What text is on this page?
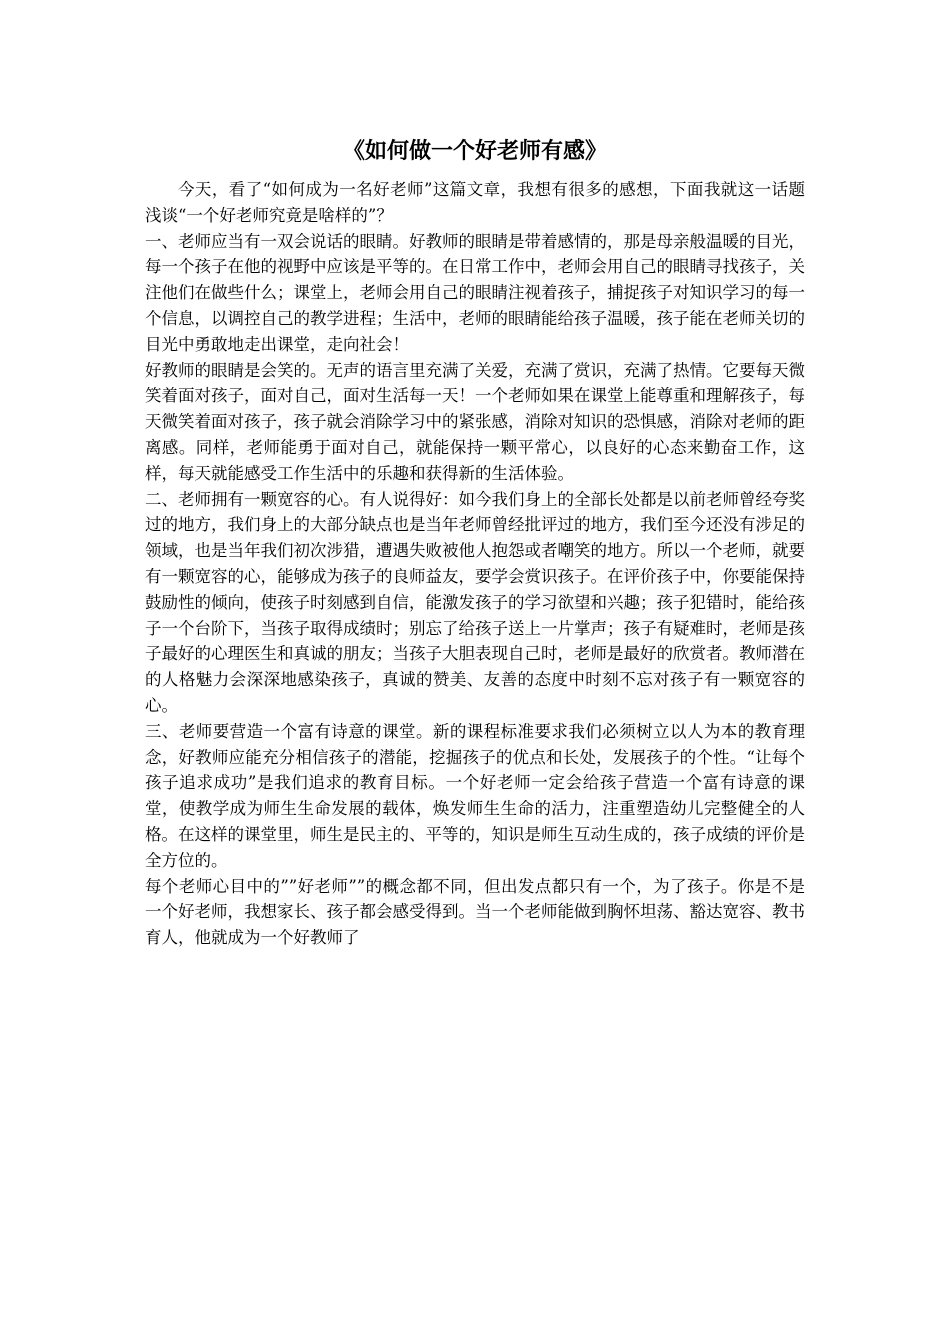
《如何做一个好老师有感》

今天，看了“如何成为一名好老师”这篇文章，我想有很多的感想，下面我就这一话题浅谈“一个好老师究竟是啥样的”？

一、老师应当有一双会说话的眼睛。好教师的眼睛是带着感情的，那是母亲般温暖的目光，每一个孩子在他的视野中应该是平等的。在日常工作中，老师会用自己的眼睛寻找孩子，关注他们在做些什么；课堂上，老师会用自己的眼睛注视着孩子，捕捉孩子对知识学习的每一个信息，以调控自己的教学进程；生活中，老师的眼睛能给孩子温暖，孩子能在老师关切的目光中勇敢地走出课堂，走向社会！

好教师的眼睛是会笑的。无声的语言里充满了关爱，充满了赏识，充满了热情。它要每天微笑着面对孩子，面对自己，面对生活每一天！一个老师如果在课堂上能尊重和理解孩子，每天微笑着面对孩子，孩子就会消除学习中的紧张感，消除对知识的恐惧感，消除对老师的距离感。同样，老师能勇于面对自己，就能保持一颗平常心，以良好的心态来勤奋工作，这样，每天就能感受工作生活中的乐趣和获得新的生活体验。

二、老师拥有一颗宽容的心。有人说得好：如今我们身上的全部长处都是以前老师曾经夸奖过的地方，我们身上的大部分缺点也是当年老师曾经批评过的地方，我们至今还没有涉足的领域，也是当年我们初次涉猎，遭遇失败被他人抱怨或者嘲笑的地方。所以一个老师，就要有一颗宽容的心，能够成为孩子的良师益友，要学会赏识孩子。在评价孩子中，你要能保持鼓励性的倾向，使孩子时刻感到自信，能激发孩子的学习欲望和兴趣；孩子犯错时，能给孩子一个台阶下，当孩子取得成绩时；别忘了给孩子送上一片掌声；孩子有疑难时，老师是孩子最好的心理医生和真诚的朋友；当孩子大胆表现自己时，老师是最好的欣赏者。教师潜在的人格魅力会深深地感染孩子，真诚的赞美、友善的态度中时刻不忘对孩子有一颗宽容的心。

三、老师要营造一个富有诗意的课堂。新的课程标准要求我们必须树立以人为本的教育理念，好教师应能充分相信孩子的潜能，挖掘孩子的优点和长处，发展孩子的个性。“让每个孩子追求成功”是我们追求的教育目标。一个好老师一定会给孩子营造一个富有诗意的课堂，使教学成为师生生命发展的载体，焕发师生生命的活力，注重塑造幼儿完整健全的人格。在这样的课堂里，师生是民主的、平等的，知识是师生互动生成的，孩子成绩的评价是全方位的。

每个老师心目中的””好老师””的概念都不同，但出发点都只有一个，为了孩子。你是不是一个好老师，我想家长、孩子都会感受得到。当一个老师能做到胸怀坦荡、豁达宽容、教书育人，他就成为一个好教师了
